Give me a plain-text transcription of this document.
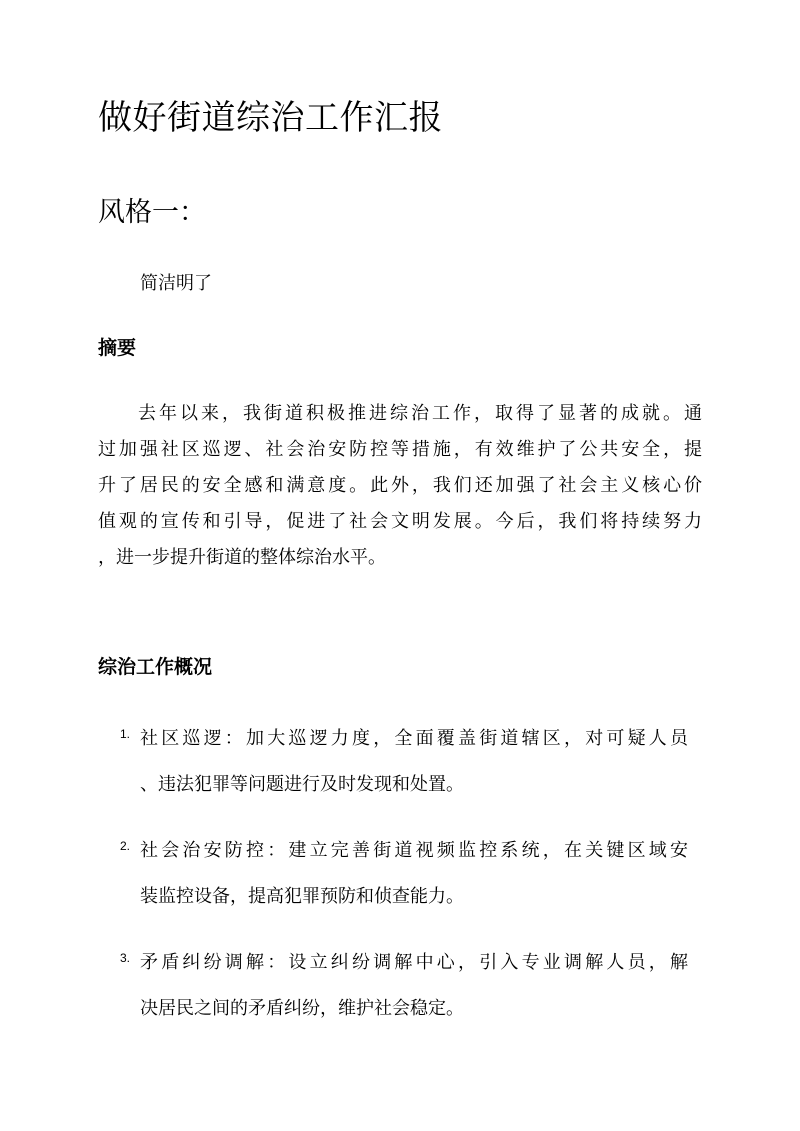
做好街道综治工作汇报
风格一：

简洁明了

摘要
去年以来，我街道积极推进综治工作，取得了显著的成就。通
过加强社区巡逻、社会治安防控等措施，有效维护了公共安全，提
升了居民的安全感和满意度。此外，我们还加强了社会主义核心价
值观的宣传和引导，促进了社会文明发展。今后，我们将持续努力
，进一步提升街道的整体综治水平。
综治工作概况
1. 社区巡逻：加大巡逻力度，全面覆盖街道辖区，对可疑人员
、违法犯罪等问题进行及时发现和处置。
2. 社会治安防控：建立完善街道视频监控系统，在关键区域安
装监控设备，提高犯罪预防和侦查能力。
3. 矛盾纠纷调解：设立纠纷调解中心，引入专业调解人员，解
决居民之间的矛盾纠纷，维护社会稳定。
